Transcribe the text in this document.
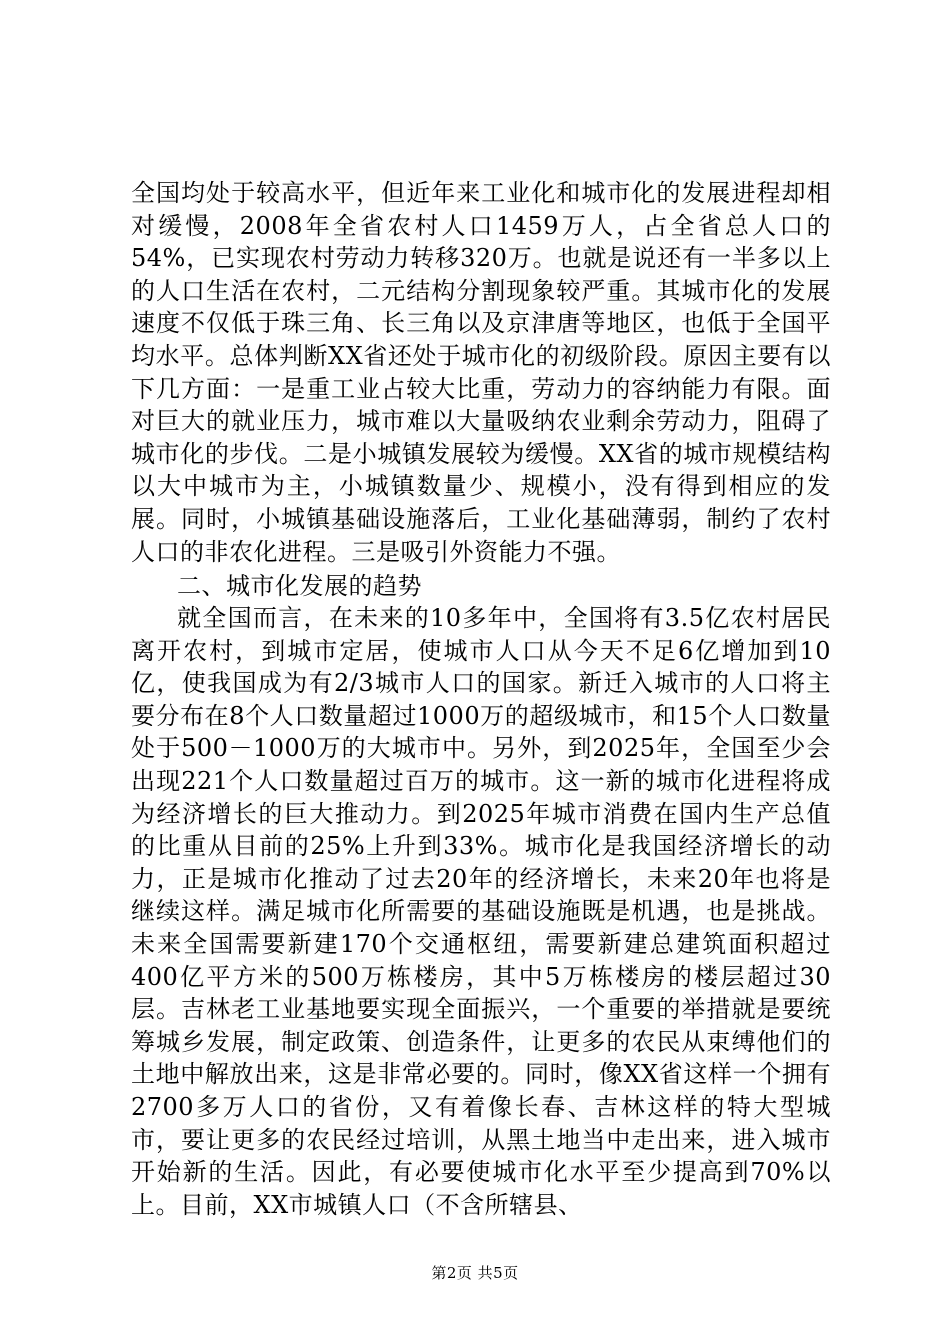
全国均处于较高水平，但近年来工业化和城市化的发展进程却相对缓慢，2008年全省农村人口1459万人，占全省总人口的54%，已实现农村劳动力转移320万。也就是说还有一半多以上的人口生活在农村，二元结构分割现象较严重。其城市化的发展速度不仅低于珠三角、长三角以及京津唐等地区，也低于全国平均水平。总体判断XX省还处于城市化的初级阶段。原因主要有以下几方面：一是重工业占较大比重，劳动力的容纳能力有限。面对巨大的就业压力，城市难以大量吸纳农业剩余劳动力，阻碍了城市化的步伐。二是小城镇发展较为缓慢。XX省的城市规模结构以大中城市为主，小城镇数量少、规模小，没有得到相应的发展。同时，小城镇基础设施落后，工业化基础薄弱，制约了农村人口的非农化进程。三是吸引外资能力不强。

二、城市化发展的趋势

就全国而言，在未来的10多年中，全国将有3.5亿农村居民离开农村，到城市定居，使城市人口从今天不足6亿增加到10亿，使我国成为有2/3城市人口的国家。新迁入城市的人口将主要分布在8个人口数量超过1000万的超级城市，和15个人口数量处于500－1000万的大城市中。另外，到2025年，全国至少会出现221个人口数量超过百万的城市。这一新的城市化进程将成为经济增长的巨大推动力。到2025年城市消费在国内生产总值的比重从目前的25%上升到33%。城市化是我国经济增长的动力，正是城市化推动了过去20年的经济增长，未来20年也将是继续这样。满足城市化所需要的基础设施既是机遇，也是挑战。未来全国需要新建170个交通枢纽，需要新建总建筑面积超过400亿平方米的500万栋楼房，其中5万栋楼房的楼层超过30层。吉林老工业基地要实现全面振兴，一个重要的举措就是要统筹城乡发展，制定政策、创造条件，让更多的农民从束缚他们的土地中解放出来，这是非常必要的。同时，像XX省这样一个拥有2700多万人口的省份，又有着像长春、吉林这样的特大型城市，要让更多的农民经过培训，从黑土地当中走出来，进入城市开始新的生活。因此，有必要使城市化水平至少提高到70%以上。目前，XX市城镇人口（不含所辖县、

第2页 共5页
